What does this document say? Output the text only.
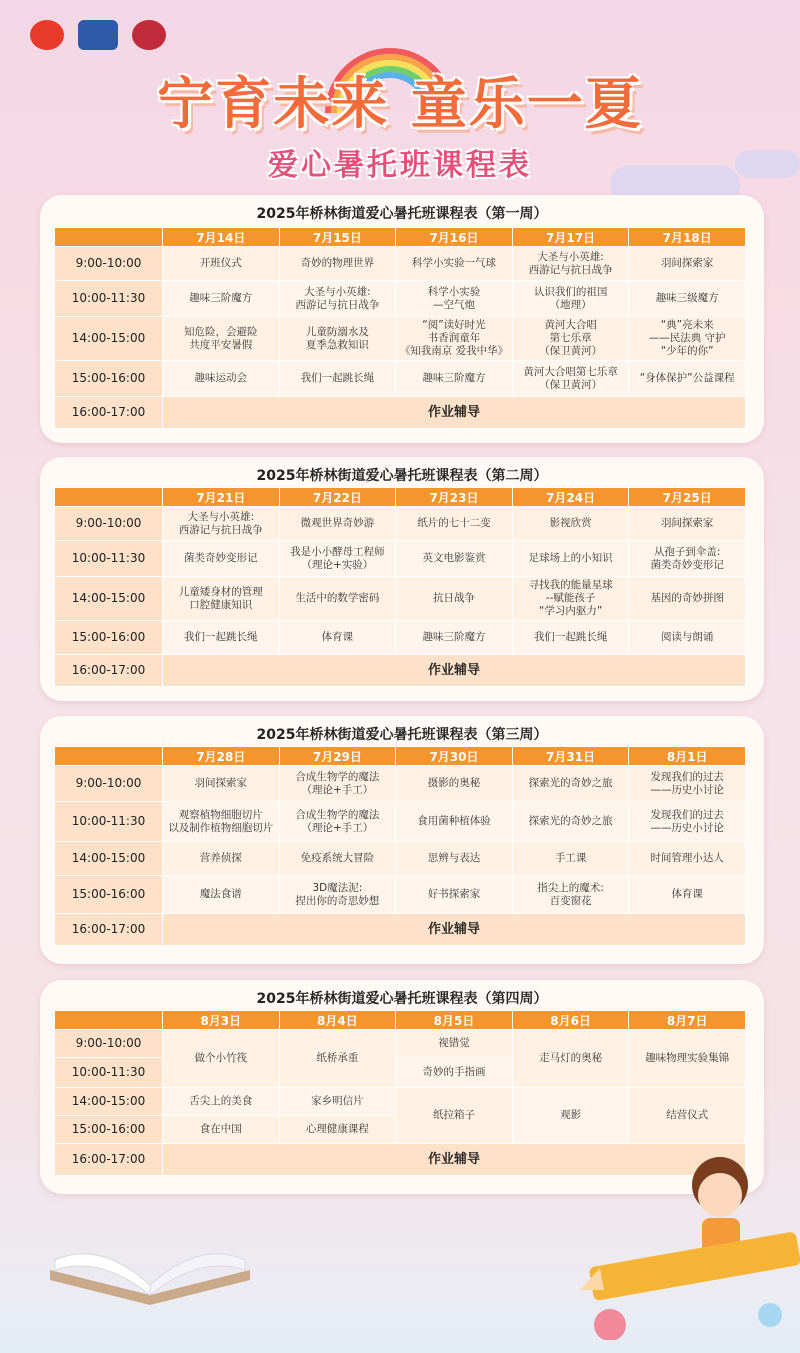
宁育未来 童乐一夏
爱心暑托班课程表
2025年桥林街道爱心暑托班课程表（第一周）
	7月14日	7月15日	7月16日	7月17日	7月18日
9:00-10:00	开班仪式	奇妙的物理世界	科学小实验一气球	大圣与小英雄:
西游记与抗日战争	羽间探索家
10:00-11:30	趣味三阶魔方	大圣与小英雄:
西游记与抗日战争	科学小实验
—空气炮	认识我们的祖国
（地理）	趣味三级魔方
14:00-15:00	知危险，会避险
共度平安暑假	儿童防溺水及
夏季急救知识	“阅”读好时光
书香润童年
《知我南京 爱我中华》	黄河大合唱
第七乐章
（保卫黄河）	“典”亮未来
——民法典 守护
“少年的你”
15:00-16:00	趣味运动会	我们一起跳长绳	趣味三阶魔方	黄河大合唱第七乐章
（保卫黄河）	“身体保护”公益课程
16:00-17:00	作业辅导				
2025年桥林街道爱心暑托班课程表（第二周）
	7月21日	7月22日	7月23日	7月24日	7月25日
9:00-10:00	大圣与小英雄:
西游记与抗日战争	微观世界奇妙游	纸片的七十二变	影视欣赏	羽间探索家
10:00-11:30	菌类奇妙变形记	我是小小酵母工程师
（理论+实验）	英文电影鉴赏	足球场上的小知识	从孢子到伞盖:
菌类奇妙变形记
14:00-15:00	儿童矮身材的管理
口腔健康知识	生活中的数学密码	抗日战争	寻找我的能量星球
--赋能孩子
“学习内驱力”	基因的奇妙拼图
15:00-16:00	我们一起跳长绳	体育课	趣味三阶魔方	我们一起跳长绳	阅读与朗诵
16:00-17:00	作业辅导				
2025年桥林街道爱心暑托班课程表（第三周）
	7月28日	7月29日	7月30日	7月31日	8月1日
9:00-10:00	羽间探索家	合成生物学的魔法
（理论+手工）	摄影的奥秘	探索光的奇妙之旅	发现我们的过去
——历史小讨论
10:00-11:30	观察植物细胞切片
以及制作植物细胞切片	合成生物学的魔法
（理论+手工）	食用菌种植体验	探索光的奇妙之旅	发现我们的过去
——历史小讨论
14:00-15:00	营养侦探	免疫系统大冒险	思辨与表达	手工课	时间管理小达人
15:00-16:00	魔法食谱	3D魔法泥:
捏出你的奇思妙想	好书探索家	指尖上的魔术:
百变窗花	体育课
16:00-17:00	作业辅导				
2025年桥林街道爱心暑托班课程表（第四周）
	8月3日	8月4日	8月5日	8月6日	8月7日
9:00-10:00	做个小竹筏	纸桥承重	视错觉	走马灯的奥秘	趣味物理实验集锦
10:00-11:30			奇妙的手指画		
14:00-15:00	舌尖上的美食	家乡明信片	纸拉箱子	观影	结营仪式
15:00-16:00	食在中国	心理健康课程			
16:00-17:00	作业辅导				
